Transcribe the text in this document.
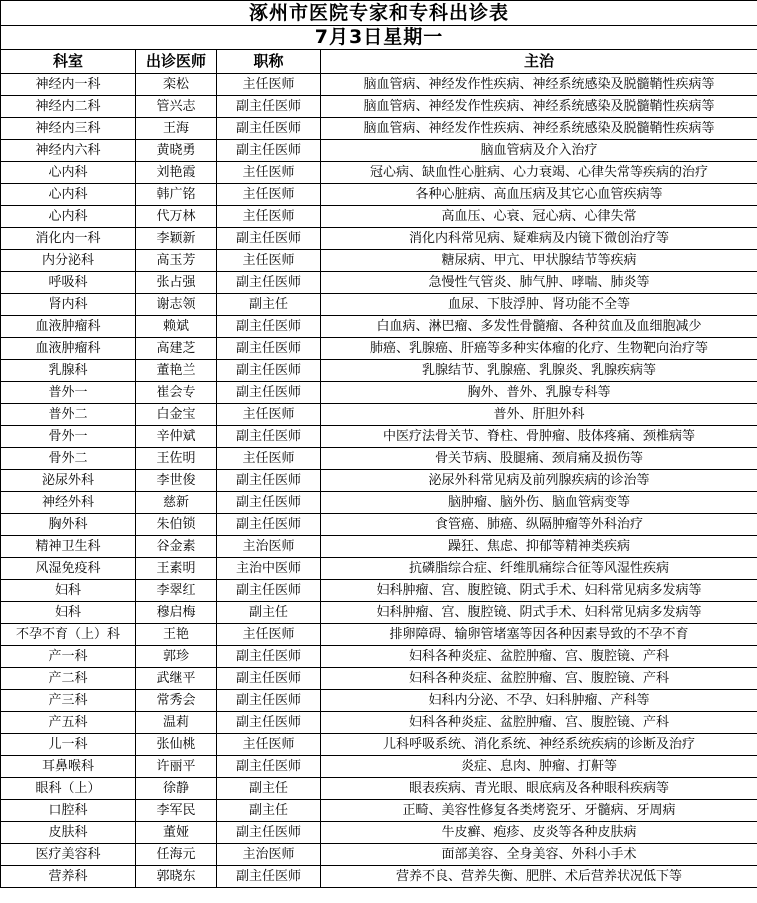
涿州市医院专家和专科出诊表			
7月3日星期一			
科室	出诊医师	职称	主治
神经内一科	栾松	主任医师	脑血管病、神经发作性疾病、神经系统感染及脱髓鞘性疾病等
神经内二科	管兴志	副主任医师	脑血管病、神经发作性疾病、神经系统感染及脱髓鞘性疾病等
神经内三科	王海	副主任医师	脑血管病、神经发作性疾病、神经系统感染及脱髓鞘性疾病等
神经内六科	黄晓勇	副主任医师	脑血管病及介入治疗
心内科	刘艳霞	主任医师	冠心病、缺血性心脏病、心力衰竭、心律失常等疾病的治疗
心内科	韩广铭	主任医师	各种心脏病、高血压病及其它心血管疾病等
心内科	代万林	主任医师	高血压、心衰、冠心病、心律失常
消化内一科	李颖新	副主任医师	消化内科常见病、疑难病及内镜下微创治疗等
内分泌科	高玉芳	主任医师	糖尿病、甲亢、甲状腺结节等疾病
呼吸科	张占强	副主任医师	急慢性气管炎、肺气肿、哮喘、肺炎等
肾内科	谢志领	副主任	血尿、下肢浮肿、肾功能不全等
血液肿瘤科	赖斌	副主任医师	白血病、淋巴瘤、多发性骨髓瘤、各种贫血及血细胞减少
血液肿瘤科	高建芝	副主任医师	肺癌、乳腺癌、肝癌等多种实体瘤的化疗、生物靶向治疗等
乳腺科	董艳兰	副主任医师	乳腺结节、乳腺癌、乳腺炎、乳腺疾病等
普外一	崔会专	副主任医师	胸外、普外、乳腺专科等
普外二	白金宝	主任医师	普外、肝胆外科
骨外一	辛仲斌	副主任医师	中医疗法骨关节、脊柱、骨肿瘤、肢体疼痛、颈椎病等
骨外二	王佐明	主任医师	骨关节病、股腿痛、颈肩痛及损伤等
泌尿外科	李世俊	副主任医师	泌尿外科常见病及前列腺疾病的诊治等
神经外科	慈新	副主任医师	脑肿瘤、脑外伤、脑血管病变等
胸外科	朱伯锁	副主任医师	食管癌、肺癌、纵隔肿瘤等外科治疗
精神卫生科	谷金素	主治医师	躁狂、焦虑、抑郁等精神类疾病
风湿免疫科	王素明	主治中医师	抗磷脂综合症、纤维肌痛综合征等风湿性疾病
妇科	李翠红	副主任医师	妇科肿瘤、宫、腹腔镜、阴式手术、妇科常见病多发病等
妇科	穆启梅	副主任	妇科肿瘤、宫、腹腔镜、阴式手术、妇科常见病多发病等
不孕不育（上）科	王艳	主任医师	排卵障碍、输卵管堵塞等因各种因素导致的不孕不育
产一科	郭珍	副主任医师	妇科各种炎症、盆腔肿瘤、宫、腹腔镜、产科
产二科	武继平	副主任医师	妇科各种炎症、盆腔肿瘤、宫、腹腔镜、产科
产三科	常秀会	副主任医师	妇科内分泌、不孕、妇科肿瘤、产科等
产五科	温莉	副主任医师	妇科各种炎症、盆腔肿瘤、宫、腹腔镜、产科
儿一科	张仙桃	主任医师	儿科呼吸系统、消化系统、神经系统疾病的诊断及治疗
耳鼻喉科	许丽平	副主任医师	炎症、息肉、肿瘤、打鼾等
眼科（上）	徐静	副主任	眼表疾病、青光眼、眼底病及各种眼科疾病等
口腔科	李军民	副主任	正畸、美容性修复各类烤瓷牙、牙髓病、牙周病
皮肤科	董娅	副主任医师	牛皮癣、疱疹、皮炎等各种皮肤病
医疗美容科	任海元	主治医师	面部美容、全身美容、外科小手术
营养科	郭晓东	副主任医师	营养不良、营养失衡、肥胖、术后营养状况低下等
